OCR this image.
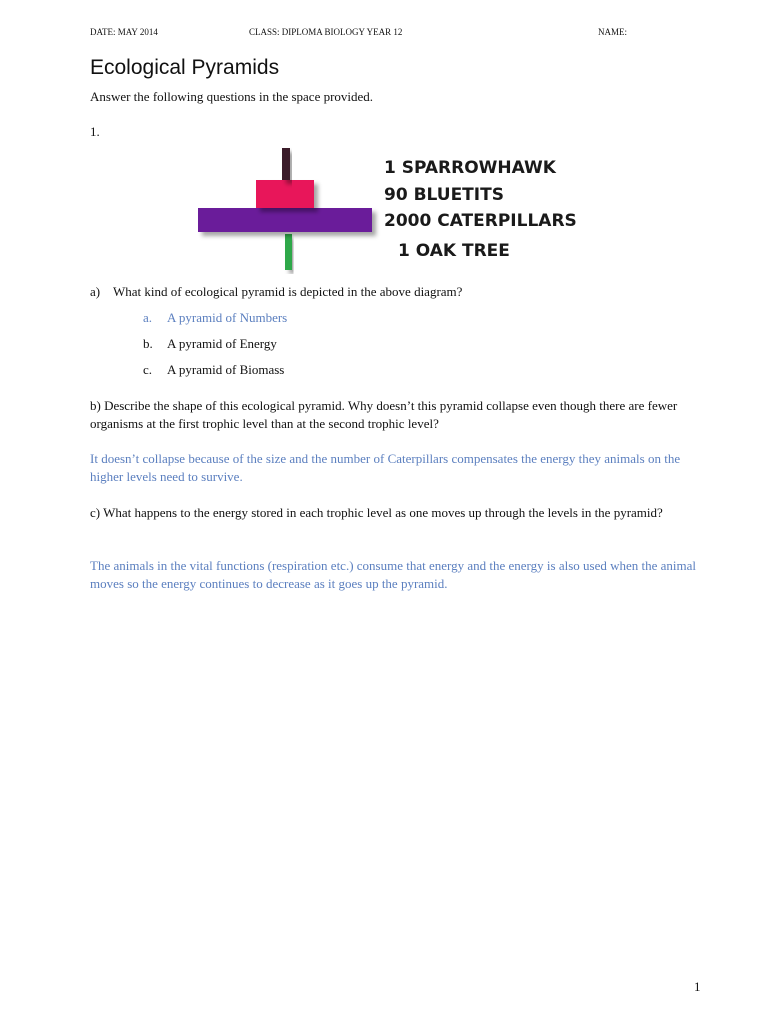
DATE: MAY 2014	CLASS: DIPLOMA BIOLOGY YEAR 12	NAME:
Ecological Pyramids
Answer the following questions in the space provided.
1.
1 SPARROWHAWK
90 BLUETITS
2000 CATERPILLARS
1 OAK TREE
a) What kind of ecological pyramid is depicted in the above diagram?
a. A pyramid of Numbers
b. A pyramid of Energy
c. A pyramid of Biomass
b) Describe the shape of this ecological pyramid. Why doesn’t this pyramid collapse even though there are fewer organisms at the first trophic level than at the second trophic level?
It doesn’t collapse because of the size and the number of Caterpillars compensates the energy they animals on the higher levels need to survive.
c) What happens to the energy stored in each trophic level as one moves up through the levels in the pyramid?
The animals in the vital functions (respiration etc.) consume that energy and the energy is also used when the animal moves so the energy continues to decrease as it goes up the pyramid.
1
